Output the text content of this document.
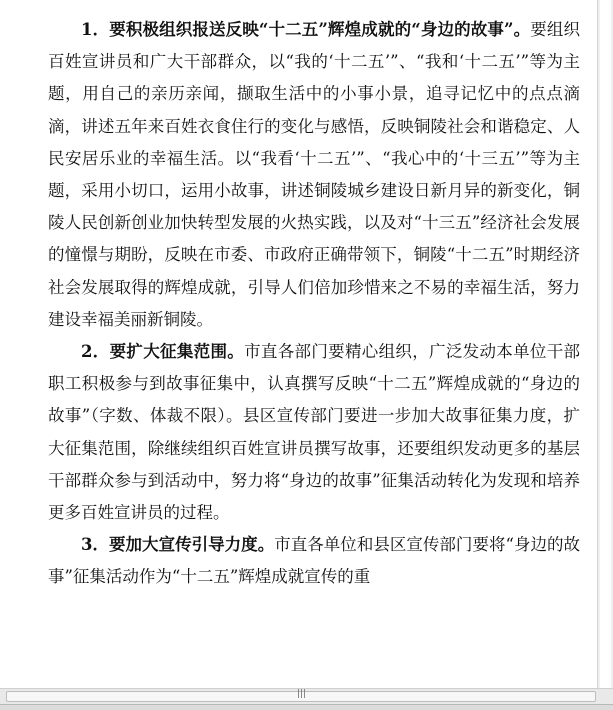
1．要积极组织报送反映“十二五”辉煌成就的“身边的故事”。要组织百姓宣讲员和广大干部群众，以“我的‘十二五’”、“我和‘十二五’”等为主题，用自己的亲历亲闻，撷取生活中的小事小景，追寻记忆中的点点滴滴，讲述五年来百姓衣食住行的变化与感悟，反映铜陵社会和谐稳定、人民安居乐业的幸福生活。以“我看‘十二五’”、“我心中的‘十三五’”等为主题，采用小切口，运用小故事，讲述铜陵城乡建设日新月异的新变化，铜陵人民创新创业加快转型发展的火热实践，以及对“十三五”经济社会发展的憧憬与期盼，反映在市委、市政府正确带领下，铜陵“十二五”时期经济社会发展取得的辉煌成就，引导人们倍加珍惜来之不易的幸福生活，努力建设幸福美丽新铜陵。

2．要扩大征集范围。市直各部门要精心组织，广泛发动本单位干部职工积极参与到故事征集中，认真撰写反映“十二五”辉煌成就的“身边的故事”（字数、体裁不限）。县区宣传部门要进一步加大故事征集力度，扩大征集范围，除继续组织百姓宣讲员撰写故事，还要组织发动更多的基层干部群众参与到活动中，努力将“身边的故事”征集活动转化为发现和培养更多百姓宣讲员的过程。

3．要加大宣传引导力度。市直各单位和县区宣传部门要将“身边的故事”征集活动作为“十二五”辉煌成就宣传的重

|||
